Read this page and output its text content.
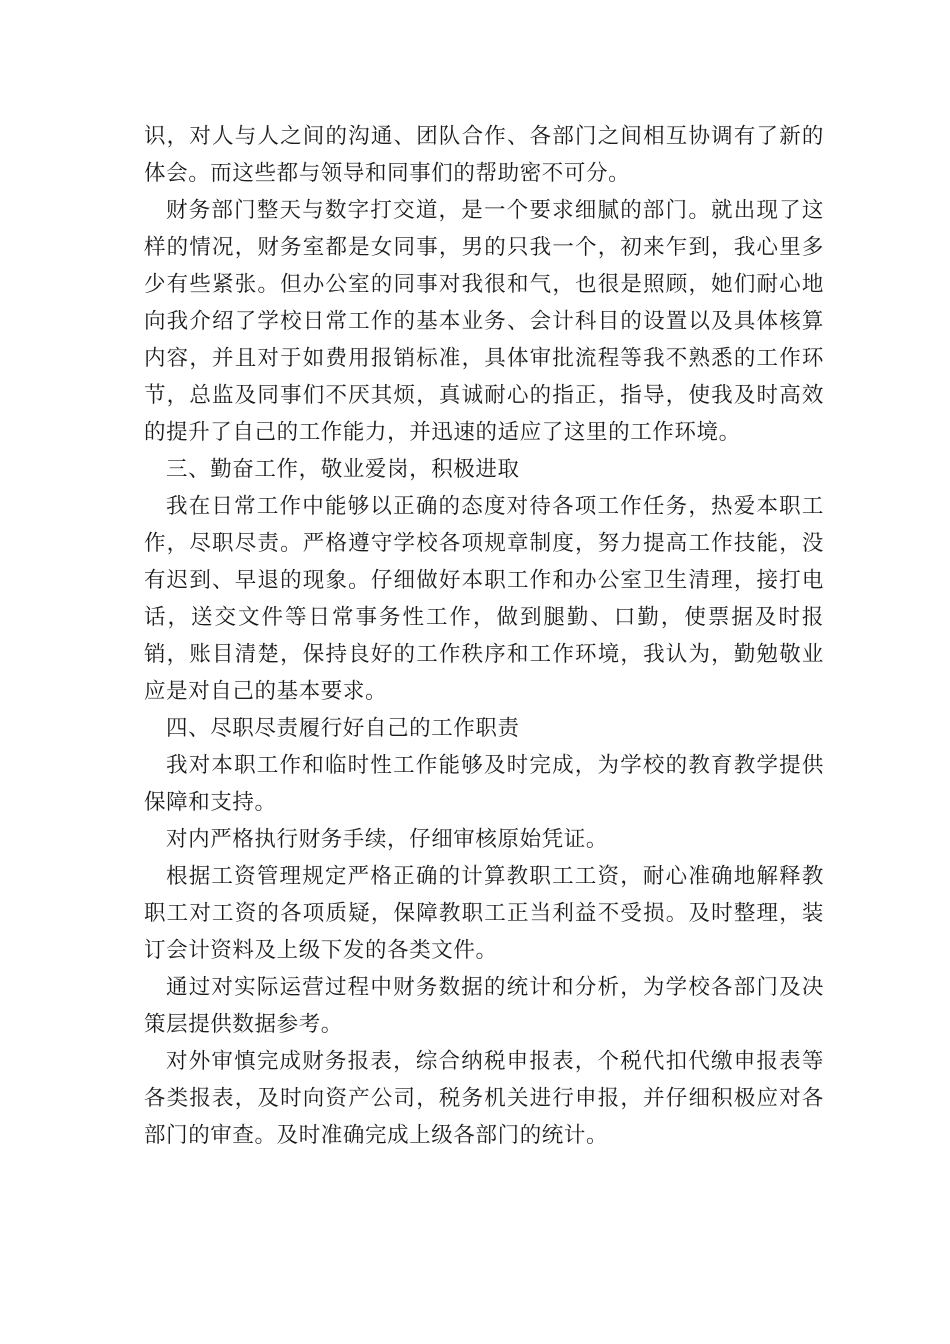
识，对人与人之间的沟通、团队合作、各部门之间相互协调有了新的体会。而这些都与领导和同事们的帮助密不可分。

财务部门整天与数字打交道，是一个要求细腻的部门。就出现了这样的情况，财务室都是女同事，男的只我一个，初来乍到，我心里多少有些紧张。但办公室的同事对我很和气，也很是照顾，她们耐心地向我介绍了学校日常工作的基本业务、会计科目的设置以及具体核算内容，并且对于如费用报销标准，具体审批流程等我不熟悉的工作环节，总监及同事们不厌其烦，真诚耐心的指正，指导，使我及时高效的提升了自己的工作能力，并迅速的适应了这里的工作环境。

三、勤奋工作，敬业爱岗，积极进取

我在日常工作中能够以正确的态度对待各项工作任务，热爱本职工作，尽职尽责。严格遵守学校各项规章制度，努力提高工作技能，没有迟到、早退的现象。仔细做好本职工作和办公室卫生清理，接打电话，送交文件等日常事务性工作，做到腿勤、口勤，使票据及时报销，账目清楚，保持良好的工作秩序和工作环境，我认为，勤勉敬业应是对自己的基本要求。

四、尽职尽责履行好自己的工作职责

我对本职工作和临时性工作能够及时完成，为学校的教育教学提供保障和支持。

对内严格执行财务手续，仔细审核原始凭证。

根据工资管理规定严格正确的计算教职工工资，耐心准确地解释教职工对工资的各项质疑，保障教职工正当利益不受损。及时整理，装订会计资料及上级下发的各类文件。

通过对实际运营过程中财务数据的统计和分析，为学校各部门及决策层提供数据参考。

对外审慎完成财务报表，综合纳税申报表，个税代扣代缴申报表等各类报表，及时向资产公司，税务机关进行申报，并仔细积极应对各部门的审查。及时准确完成上级各部门的统计。
